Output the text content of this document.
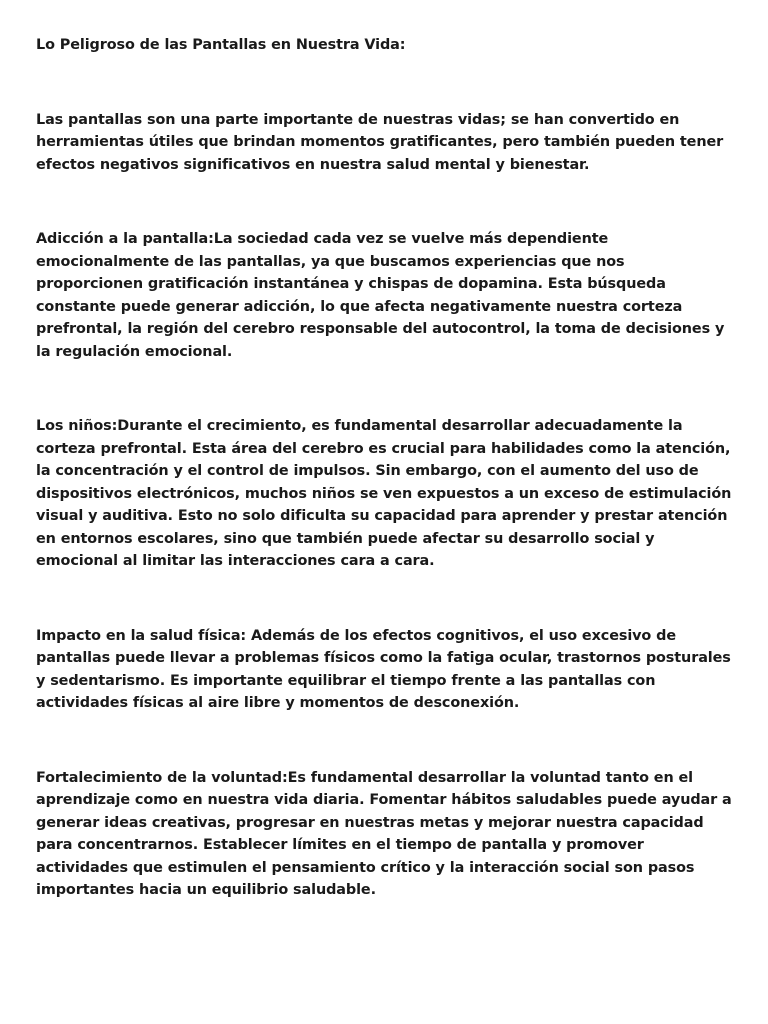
Lo Peligroso de las Pantallas en Nuestra Vida:

Las pantallas son una parte importante de nuestras vidas; se han convertido en herramientas útiles que brindan momentos gratificantes, pero también pueden tener efectos negativos significativos en nuestra salud mental y bienestar.

Adicción a la pantalla:La sociedad cada vez se vuelve más dependiente emocionalmente de las pantallas, ya que buscamos experiencias que nos proporcionen gratificación instantánea y chispas de dopamina. Esta búsqueda constante puede generar adicción, lo que afecta negativamente nuestra corteza prefrontal, la región del cerebro responsable del autocontrol, la toma de decisiones y la regulación emocional.

Los niños:Durante el crecimiento, es fundamental desarrollar adecuadamente la corteza prefrontal. Esta área del cerebro es crucial para habilidades como la atención, la concentración y el control de impulsos. Sin embargo, con el aumento del uso de dispositivos electrónicos, muchos niños se ven expuestos a un exceso de estimulación visual y auditiva. Esto no solo dificulta su capacidad para aprender y prestar atención en entornos escolares, sino que también puede afectar su desarrollo social y emocional al limitar las interacciones cara a cara.

Impacto en la salud física: Además de los efectos cognitivos, el uso excesivo de pantallas puede llevar a problemas físicos como la fatiga ocular, trastornos posturales y sedentarismo. Es importante equilibrar el tiempo frente a las pantallas con actividades físicas al aire libre y momentos de desconexión.

Fortalecimiento de la voluntad:Es fundamental desarrollar la voluntad tanto en el aprendizaje como en nuestra vida diaria. Fomentar hábitos saludables puede ayudar a generar ideas creativas, progresar en nuestras metas y mejorar nuestra capacidad para concentrarnos. Establecer límites en el tiempo de pantalla y promover actividades que estimulen el pensamiento crítico y la interacción social son pasos importantes hacia un equilibrio saludable.
